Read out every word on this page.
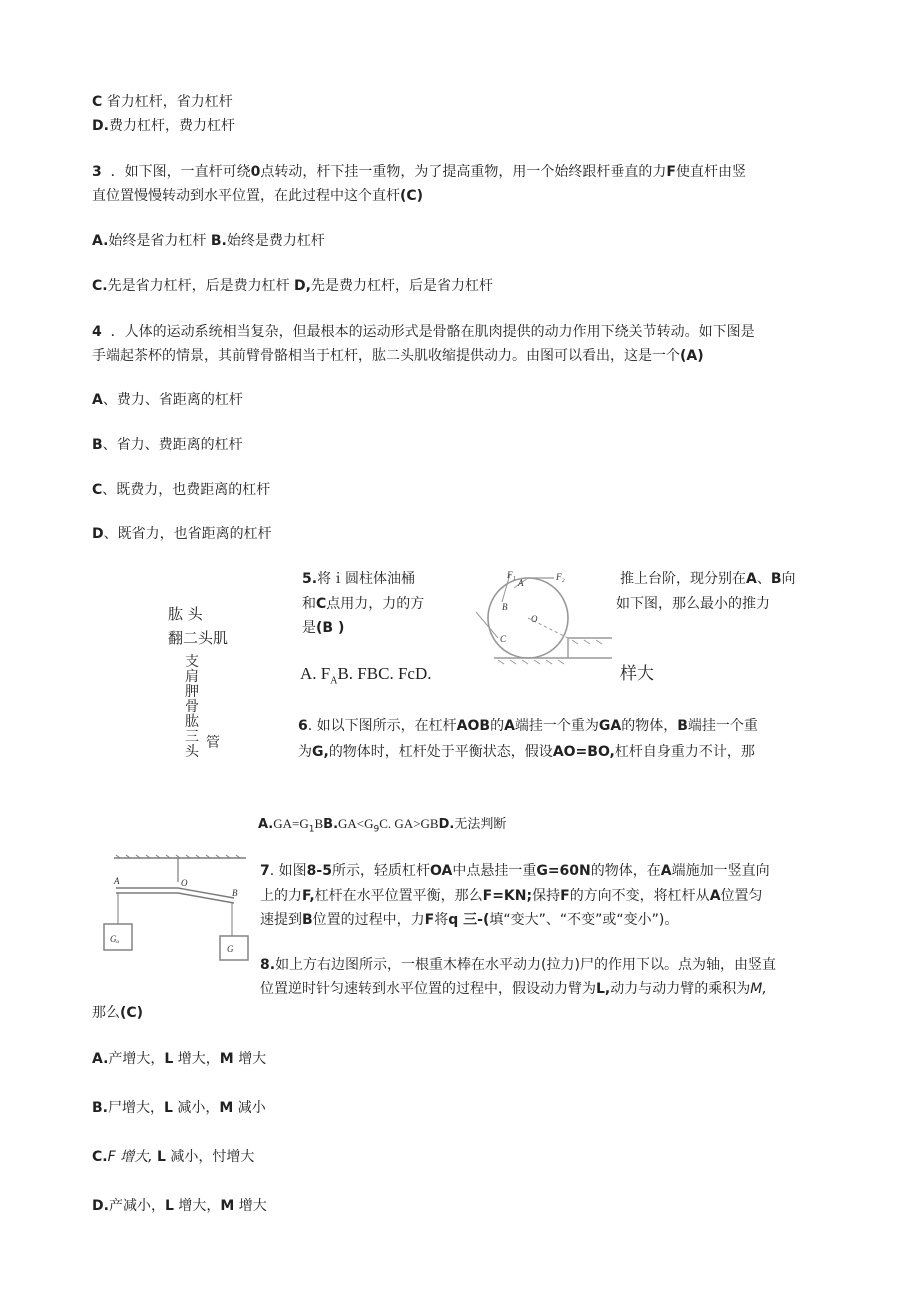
C 省力杠杆，省力杠杆
D.费力杠杆，费力杠杆
3 ．如下图，一直杆可绕0点转动，杆下挂一重物，为了提高重物，用一个始终跟杆垂直的力F使直杆由竖
直位置慢慢转动到水平位置，在此过程中这个直杆(C)
A.始终是省力杠杆 B.始终是费力杠杆
C.先是省力杠杆，后是费力杠杆 D,先是费力杠杆，后是省力杠杆
4 ．人体的运动系统相当复杂，但最根本的运动形式是骨骼在肌肉提供的动力作用下绕关节转动。如下图是
手端起茶杯的情景，其前臂骨骼相当于杠杆，肱二头肌收缩提供动力。由图可以看出，这是一个(A)
A、费力、省距离的杠杆
B、省力、费距离的杠杆
C、既费力，也费距离的杠杆
D、既省力，也省距离的杠杆
肱 头
翻二头肌
支 肩 胛 骨 肱 三 头
管
5.将ｉ圆柱体油桶
和C点用力，力的方
是(B )
A. $F_AB$. FBC. FcD.
推上台阶，现分别在A、B向
如下图，那么最小的推力
样大
F₁	F₂
B
A
C
O
6. 如以下图所示，在杠杆AOB的A端挂一个重为GA的物体，B端挂一个重
为G,的物体时，杠杆处于平衡状态，假设AO=BO,杠杆自身重力不计，那
$A.GA=G_1BB.GA<G_9C$. GA>GBD.无法判断
A	O
B
Gₐ
G
7. 如图8-5所示，轻质杠杆OA中点悬挂一重G=60N的物体，在A端施加一竖直向
上的力F,杠杆在水平位置平衡，那么F=KN;保持F的方向不变，将杠杆从A位置匀
速提到B位置的过程中，力F将q 三-(填“变大”、“不变”或“变小”)。
8.如上方右边图所示，一根重木棒在水平动力(拉力)尸的作用下以。点为轴，由竖直
位置逆时针匀速转到水平位置的过程中，假设动力臂为L,动力与动力臂的乘积为M,
那么(C)
A.产增大，L 增大，M 增大
B.尸增大，L 减小，M 减小
C.F 增大, L 减小，忖增大
D.产减小，L 增大，M 增大
